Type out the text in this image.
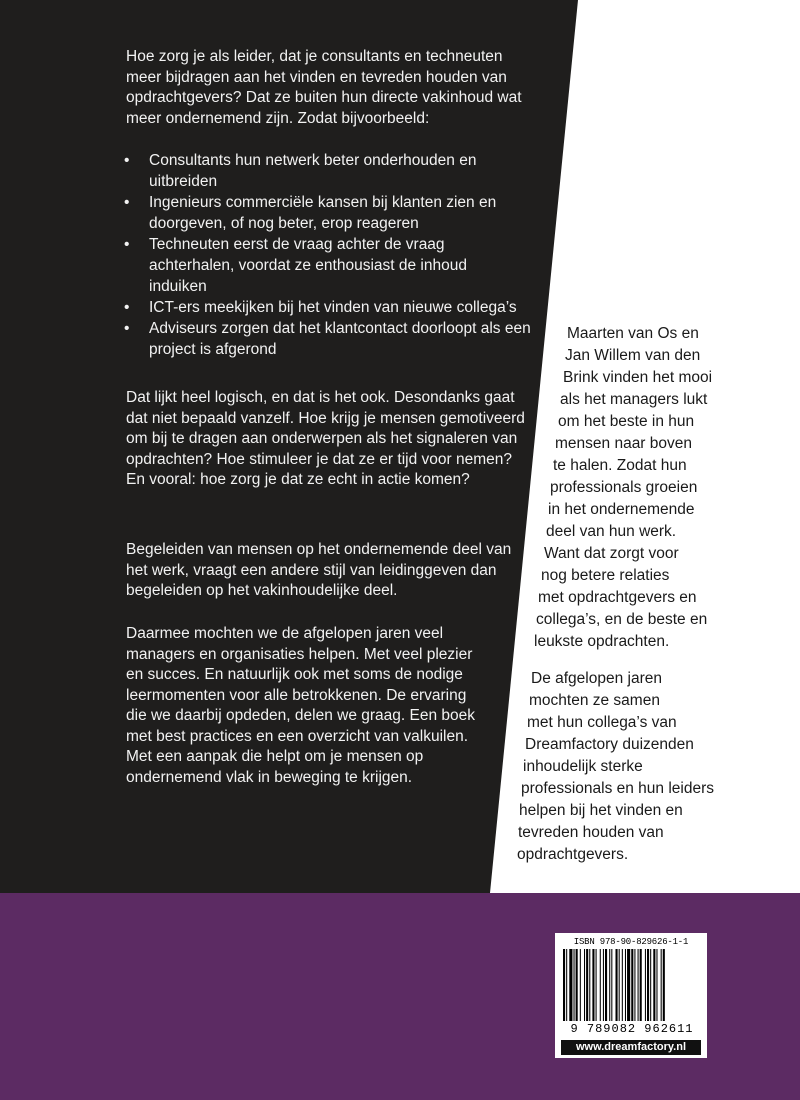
Hoe zorg je als leider, dat je consultants en techneuten meer bijdragen aan het vinden en tevreden houden van opdrachtgevers? Dat ze buiten hun directe vakinhoud wat meer ondernemend zijn. Zodat bijvoorbeeld:

• Consultants hun netwerk beter onderhouden en uitbreiden
• Ingenieurs commerciële kansen bij klanten zien en doorgeven, of nog beter, erop reageren
• Techneuten eerst de vraag achter de vraag achterhalen, voordat ze enthousiast de inhoud induiken
• ICT-ers meekijken bij het vinden van nieuwe collega’s
• Adviseurs zorgen dat het klantcontact doorloopt als een project is afgerond

Dat lijkt heel logisch, en dat is het ook. Desondanks gaat dat niet bepaald vanzelf. Hoe krijg je mensen gemotiveerd om bij te dragen aan onderwerpen als het signaleren van opdrachten? Hoe stimuleer je dat ze er tijd voor nemen? En vooral: hoe zorg je dat ze echt in actie komen?

Begeleiden van mensen op het ondernemende deel van het werk, vraagt een andere stijl van leidinggeven dan begeleiden op het vakinhoudelijke deel.

Daarmee mochten we de afgelopen jaren veel managers en organisaties helpen. Met veel plezier en succes. En natuurlijk ook met soms de nodige leermomenten voor alle betrokkenen. De ervaring die we daarbij opdeden, delen we graag. Een boek met best practices en een overzicht van valkuilen. Met een aanpak die helpt om je mensen op ondernemend vlak in beweging te krijgen.

Maarten van Os en
Jan Willem van den
Brink vinden het mooi
als het managers lukt
om het beste in hun
mensen naar boven
te halen. Zodat hun
professionals groeien
in het ondernemende
deel van hun werk.
Want dat zorgt voor
nog betere relaties
met opdrachtgevers en
collega’s, en de beste en
leukste opdrachten.
De afgelopen jaren
mochten ze samen
met hun collega’s van
Dreamfactory duizenden
inhoudelijk sterke
professionals en hun leiders
helpen bij het vinden en
tevreden houden van
opdrachtgevers.
ISBN 978-90-829626-1-1
9 789082 962611
www.dreamfactory.nl
